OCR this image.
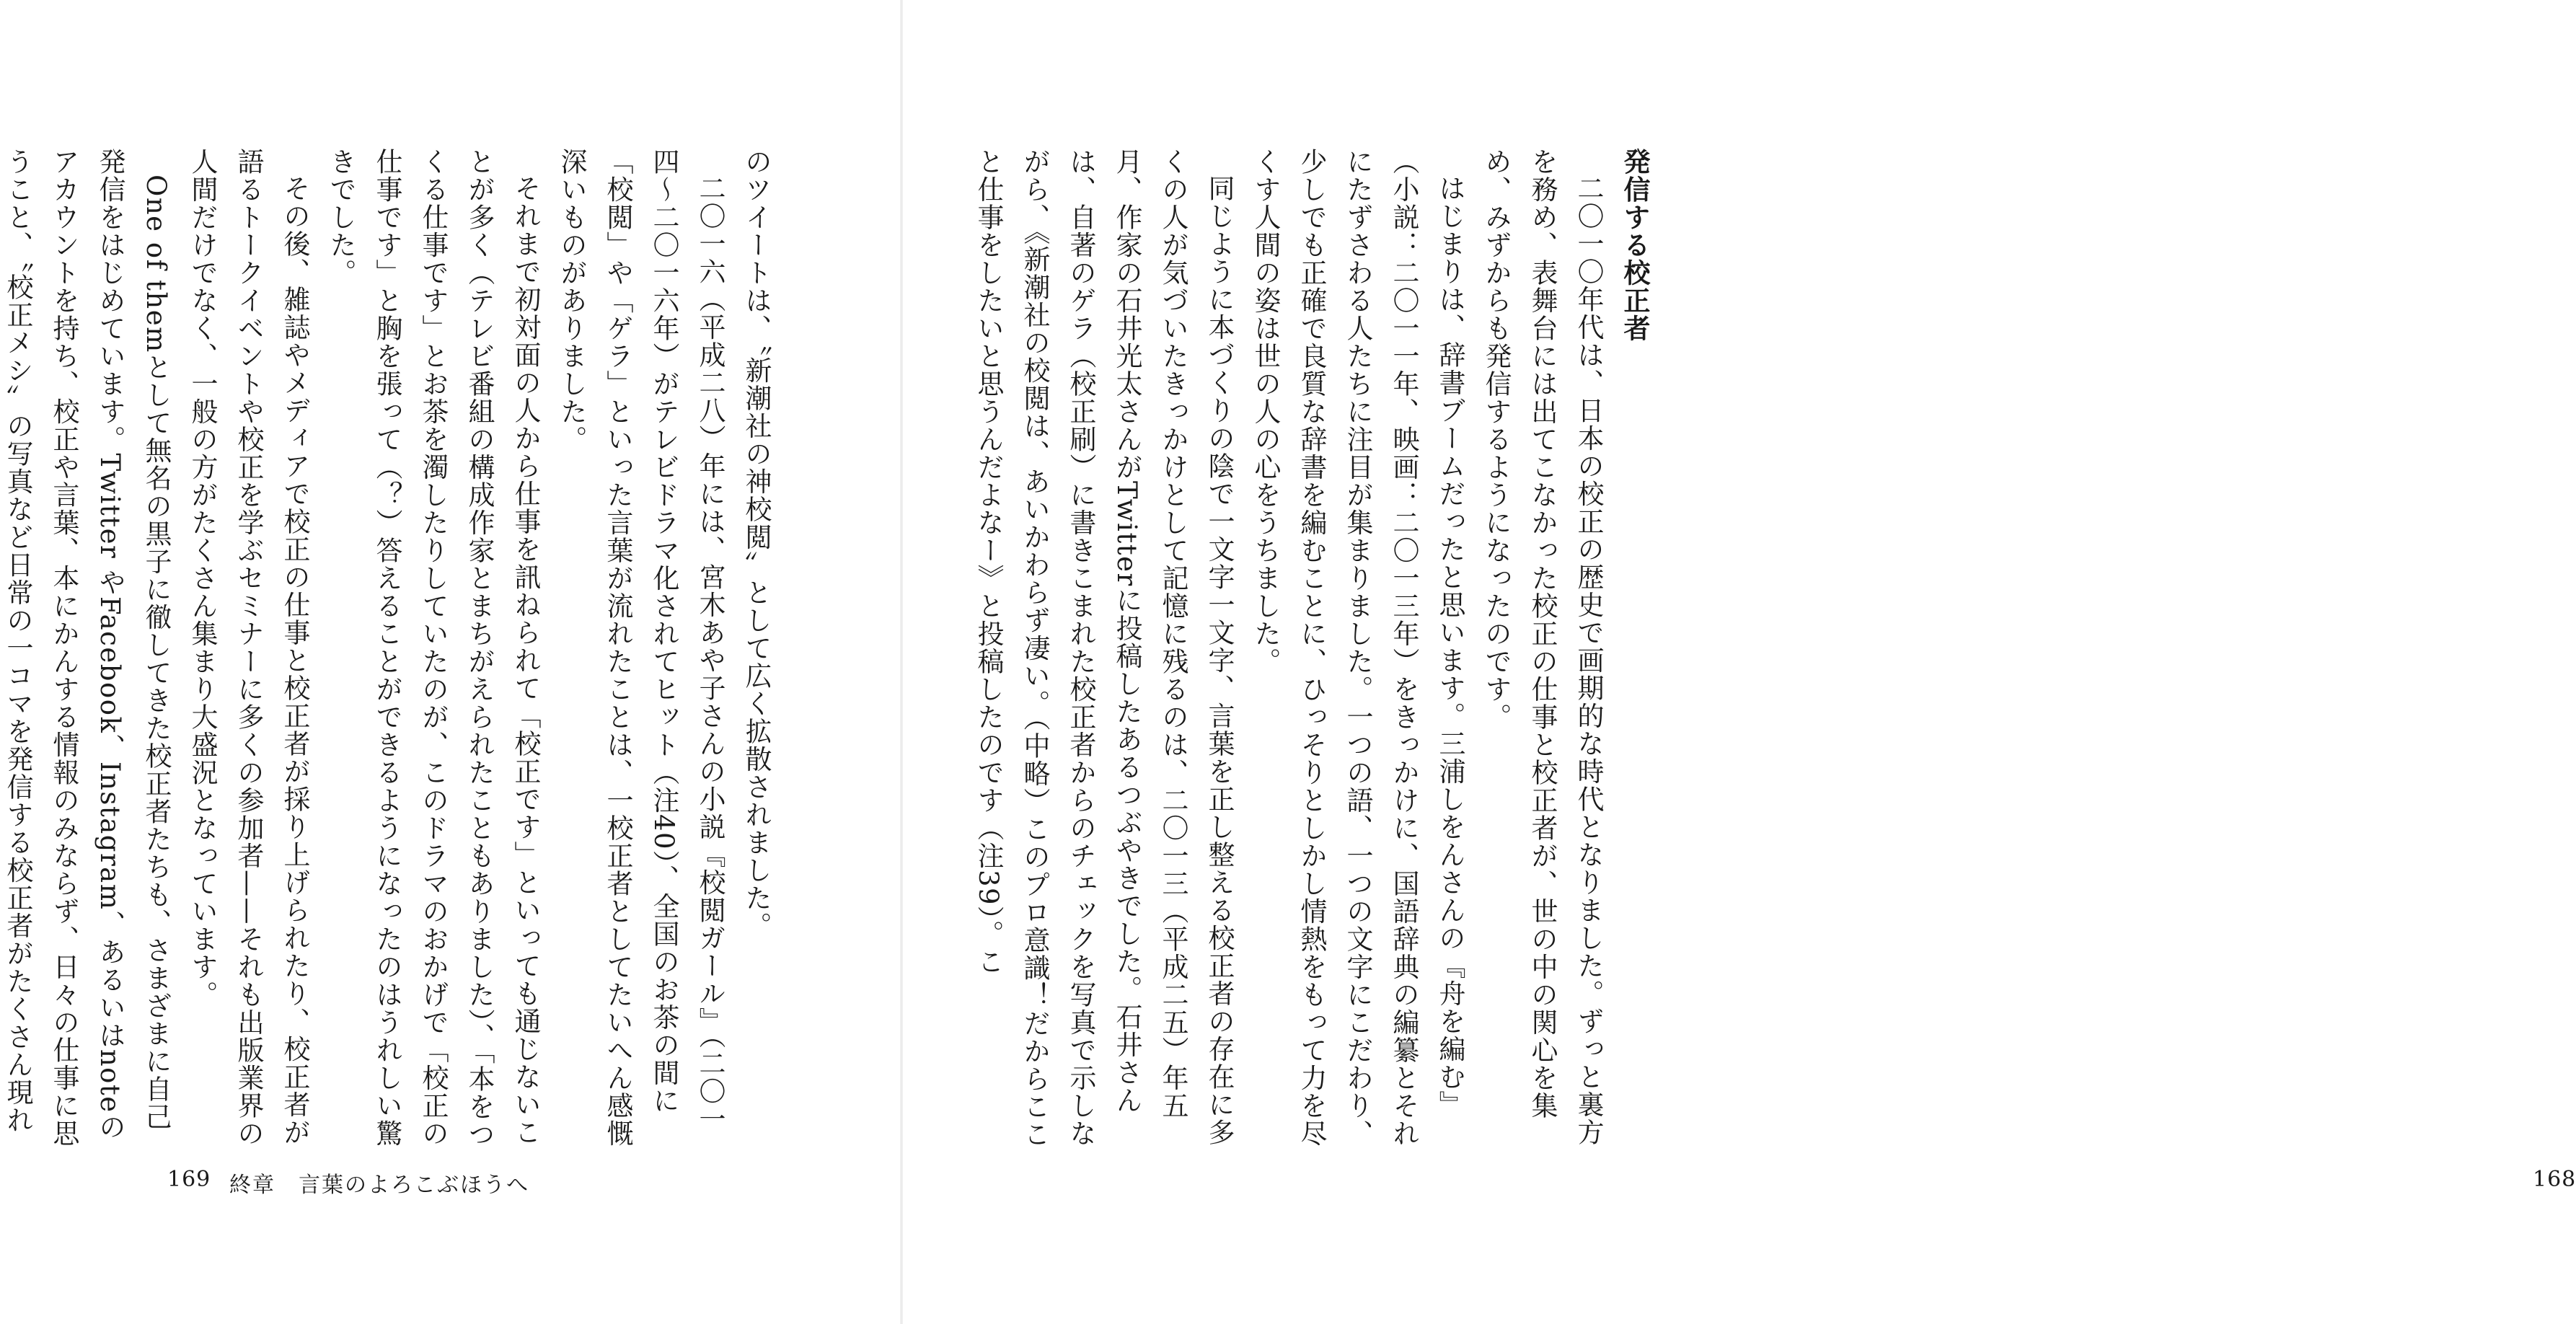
発信する校正者
二〇一〇年代は、日本の校正の歴史で画期的な時代となりました。ずっと裏方を務め、表舞台には出てこなかった校正の仕事と校正者が、世の中の関心を集め、みずからも発信するようになったのです。
はじまりは、辞書ブームだったと思います。三浦しをんさんの『舟を編む』（小説：二〇一一年、映画：二〇一三年）をきっかけに、国語辞典の編纂とそれにたずさわる人たちに注目が集まりました。一つの語、一つの文字にこだわり、少しでも正確で良質な辞書を編むことに、ひっそりとしかし情熱をもって力を尽くす人間の姿は世の人の心をうちました。
同じように本づくりの陰で一文字一文字、言葉を正し整える校正者の存在に多くの人が気づいたきっかけとして記憶に残るのは、二〇一三（平成二五）年五月、作家の石井光太さんがTwitterに投稿したあるつぶやきでした。石井さんは、自著のゲラ（校正刷）に書きこまれた校正者からのチェックを写真で示しながら、《新潮社の校閲は、あいかわらず凄い。（中略）このプロ意識！だからここと仕事をしたいと思うんだよなー》と投稿したのです（注39）。こ
168
のツイートは、〝新潮社の神校閲〟として広く拡散されました。
二〇一六（平成二八）年には、宮木あや子さんの小説『校閲ガール』（二〇一四〜二〇一六年）がテレビドラマ化されてヒット（注40）、全国のお茶の間に「校閲」や「ゲラ」といった言葉が流れたことは、一校正者としてたいへん感慨深いものがありました。
それまで初対面の人から仕事を訊ねられて「校正です」といっても通じないことが多く（テレビ番組の構成作家とまちがえられたこともありました）、「本をつくる仕事です」とお茶を濁したりしていたのが、このドラマのおかげで「校正の仕事です」と胸を張って（？）答えることができるようになったのはうれしい驚きでした。
その後、雑誌やメディアで校正の仕事と校正者が採り上げられたり、校正者が語るトークイベントや校正を学ぶセミナーに多くの参加者——それも出版業界の人間だけでなく、一般の方がたくさん集まり大盛況となっています。
One of themとして無名の黒子に徹してきた校正者たちも、さまざまに自己発信をはじめています。Twitter やFacebook、Instagram、あるいはnoteのアカウントを持ち、校正や言葉、本にかんする情報のみならず、日々の仕事に思うこと、〝校正メシ〟の写真など日常の一コマを発信する校正者がたくさん現れ
169 終章　言葉のよろこぶほうへ
